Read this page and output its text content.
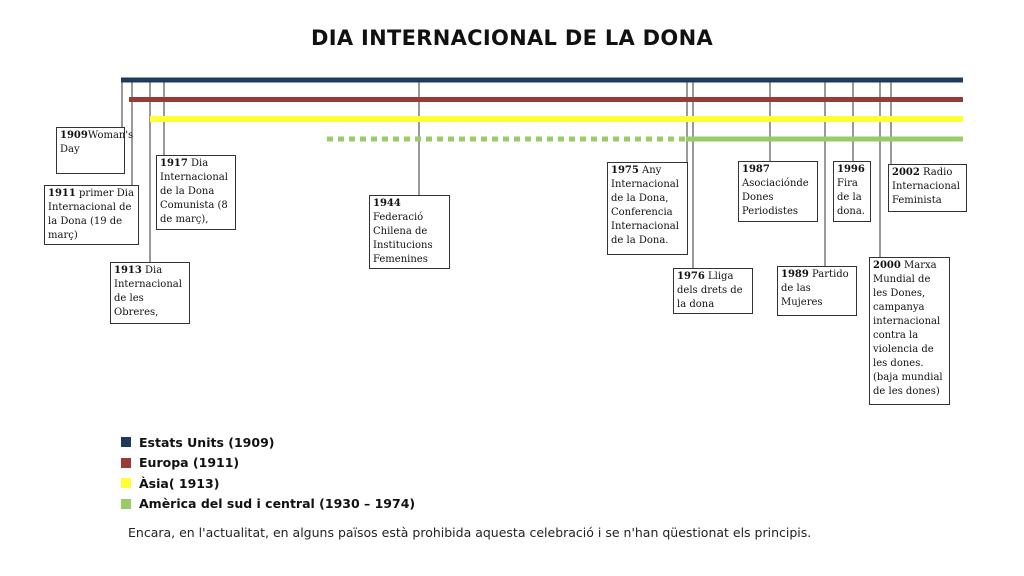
DIA INTERNACIONAL DE LA DONA
1909Woman's
Day
1911 primer Dia
Internacional de
la Dona (19 de
març)
1913 Dia
Internacional
de les
Obreres,
1917 Dia
Internacional
de la Dona
Comunista (8
de març),
1944
Federació
Chilena de
Institucions
Femenines
1975 Any
Internacional
de la Dona,
Conferencia
Internacional
de la Dona.
1976 Lliga
dels drets de
la dona
1987
Asociaciónde
Dones
Periodistes
1989 Partido
de las
Mujeres
1996
Fira
de la
dona.
2000 Marxa
Mundial de
les Dones,
campanya
internacional
contra la
violencia de
les dones.
(baja mundial
de les dones)
2002 Radio
Internacional
Feminista
Estats Units (1909)
Europa (1911)
Àsia( 1913)
Amèrica del sud i central (1930 – 1974)
Encara, en l'actualitat, en alguns països està prohibida aquesta celebració i se n'han qüestionat els principis.
